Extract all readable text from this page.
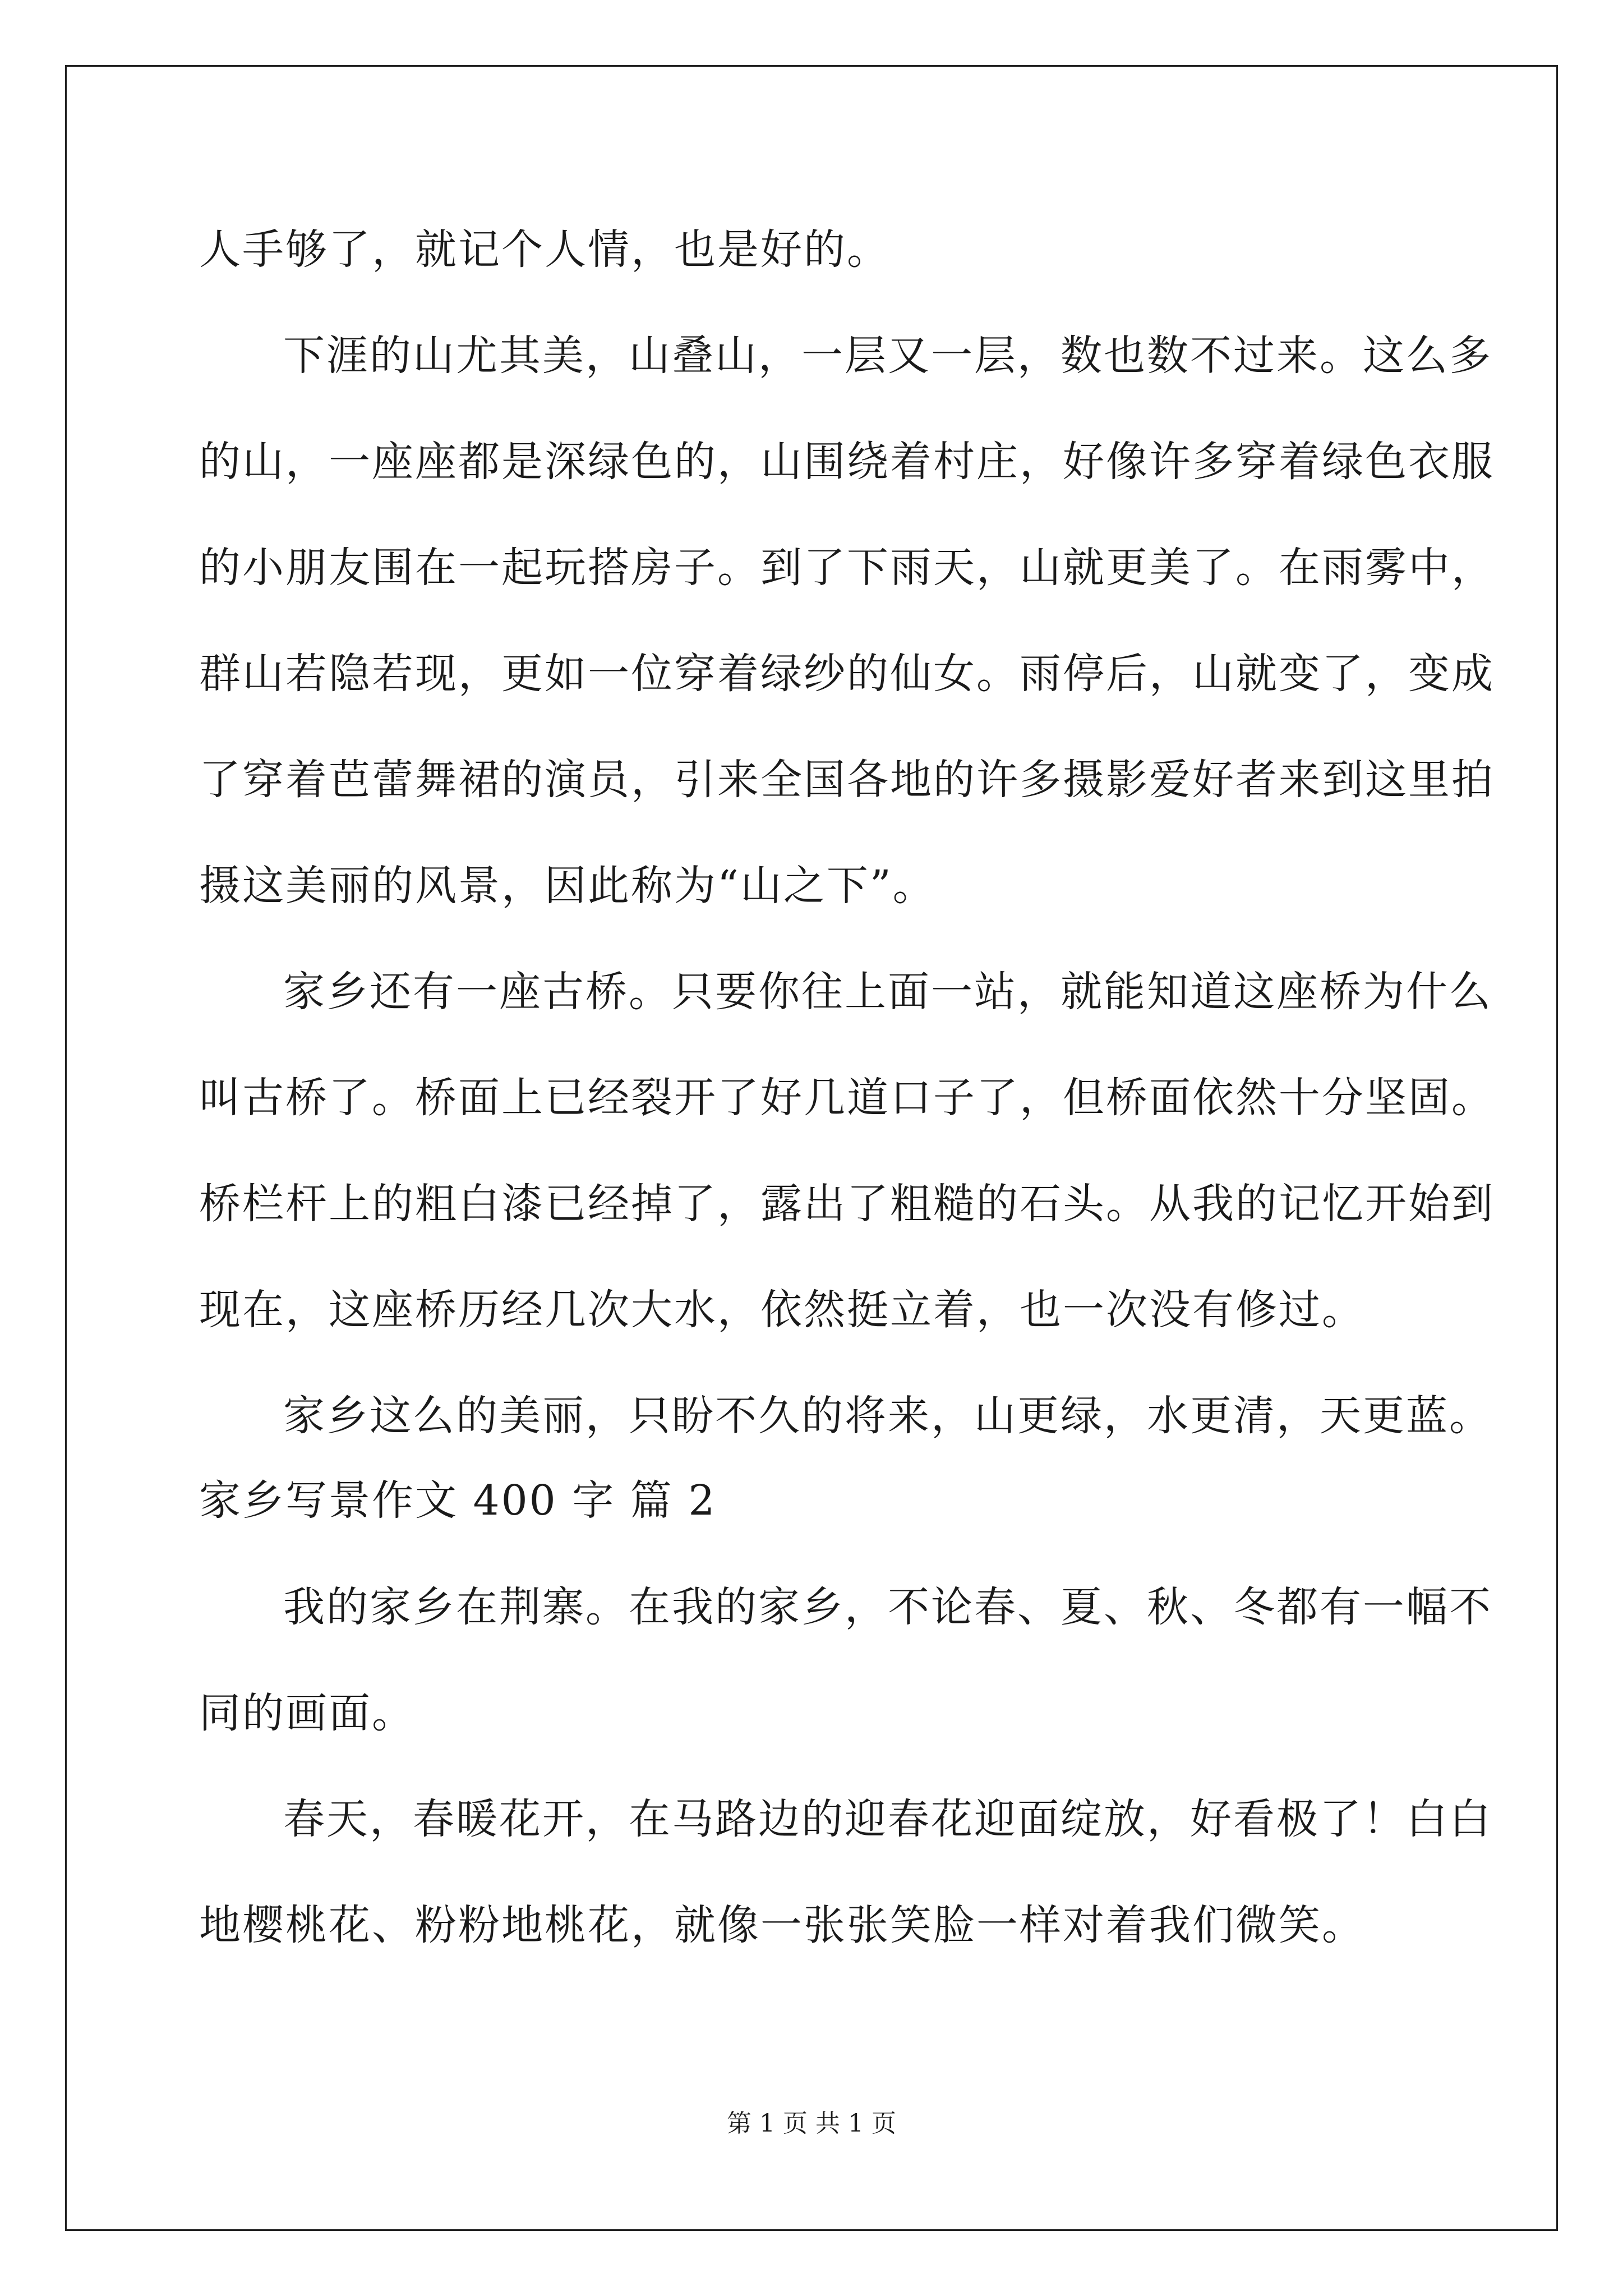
人手够了，就记个人情，也是好的。
下涯的山尤其美，山叠山，一层又一层，数也数不过来。这么多
的山，一座座都是深绿色的，山围绕着村庄，好像许多穿着绿色衣服
的小朋友围在一起玩搭房子。到了下雨天，山就更美了。在雨雾中，
群山若隐若现，更如一位穿着绿纱的仙女。雨停后，山就变了，变成
了穿着芭蕾舞裙的演员，引来全国各地的许多摄影爱好者来到这里拍
摄这美丽的风景，因此称为“山之下”。
家乡还有一座古桥。只要你往上面一站，就能知道这座桥为什么
叫古桥了。桥面上已经裂开了好几道口子了，但桥面依然十分坚固。
桥栏杆上的粗白漆已经掉了，露出了粗糙的石头。从我的记忆开始到
现在，这座桥历经几次大水，依然挺立着，也一次没有修过。
家乡这么的美丽，只盼不久的将来，山更绿，水更清，天更蓝。
家乡写景作文 400 字 篇 2
我的家乡在荆寨。在我的家乡，不论春、夏、秋、冬都有一幅不
同的画面。
春天，春暖花开，在马路边的迎春花迎面绽放，好看极了！白白
地樱桃花、粉粉地桃花，就像一张张笑脸一样对着我们微笑。
第 1 页 共 1 页
